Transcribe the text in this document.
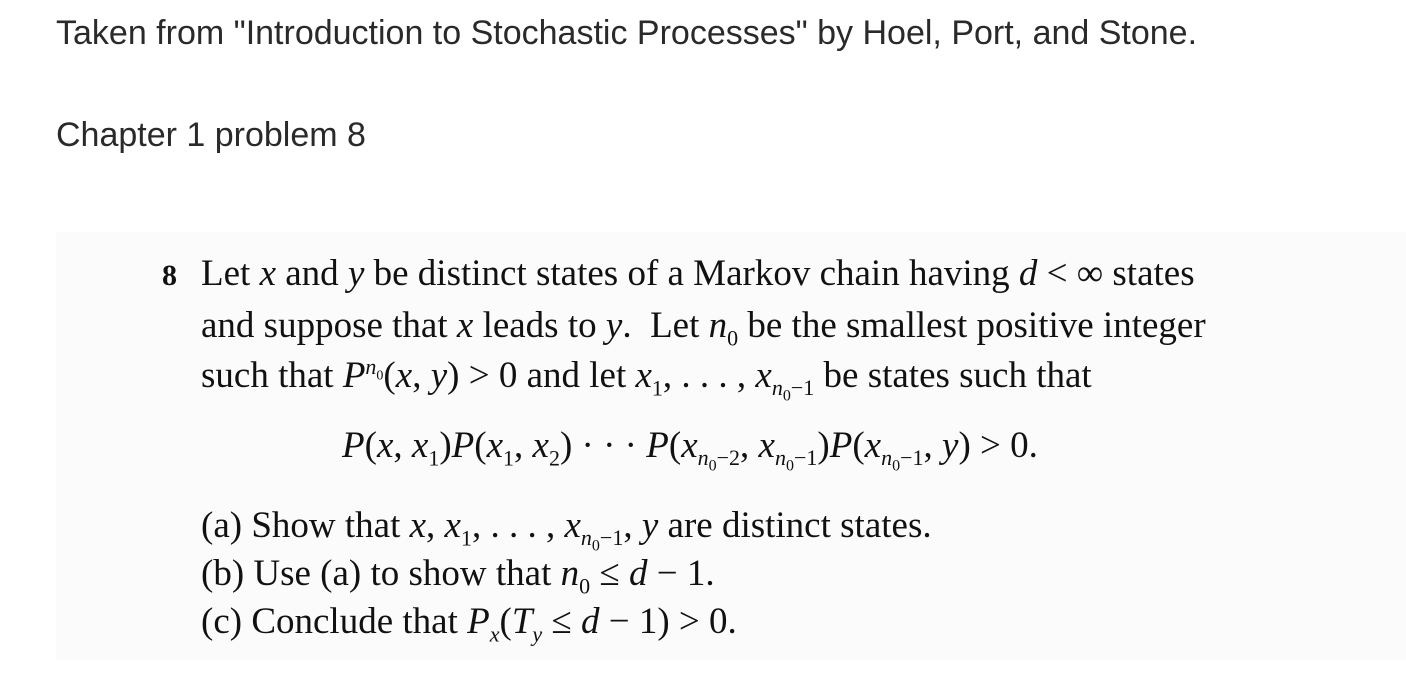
Taken from "Introduction to Stochastic Processes" by Hoel, Port, and Stone.
Chapter 1 problem 8
8 Let x and y be distinct states of a Markov chain having d < ∞ states
and suppose that x leads to y.  Let $n_0$ be the smallest positive integer
such that $P^{n_0}(x$, y) > 0 and let $x_1$, . . . , $x_{n_0-1}$ be states such that
P(x, $x_1)P(x_1$, $x_2$) · · · $P(x_{n_0-2}$, $x_{n_0-1})P(x_{n_0-1}$, y) > 0.
(a) Show that x, $x_1$, . . . , $x_{n_0-1}$, y are distinct states.
(b) Use (a) to show that $n_0 \le d - 1$.
(c) Conclude that $P_x(T_y \le d - 1) > 0$.
